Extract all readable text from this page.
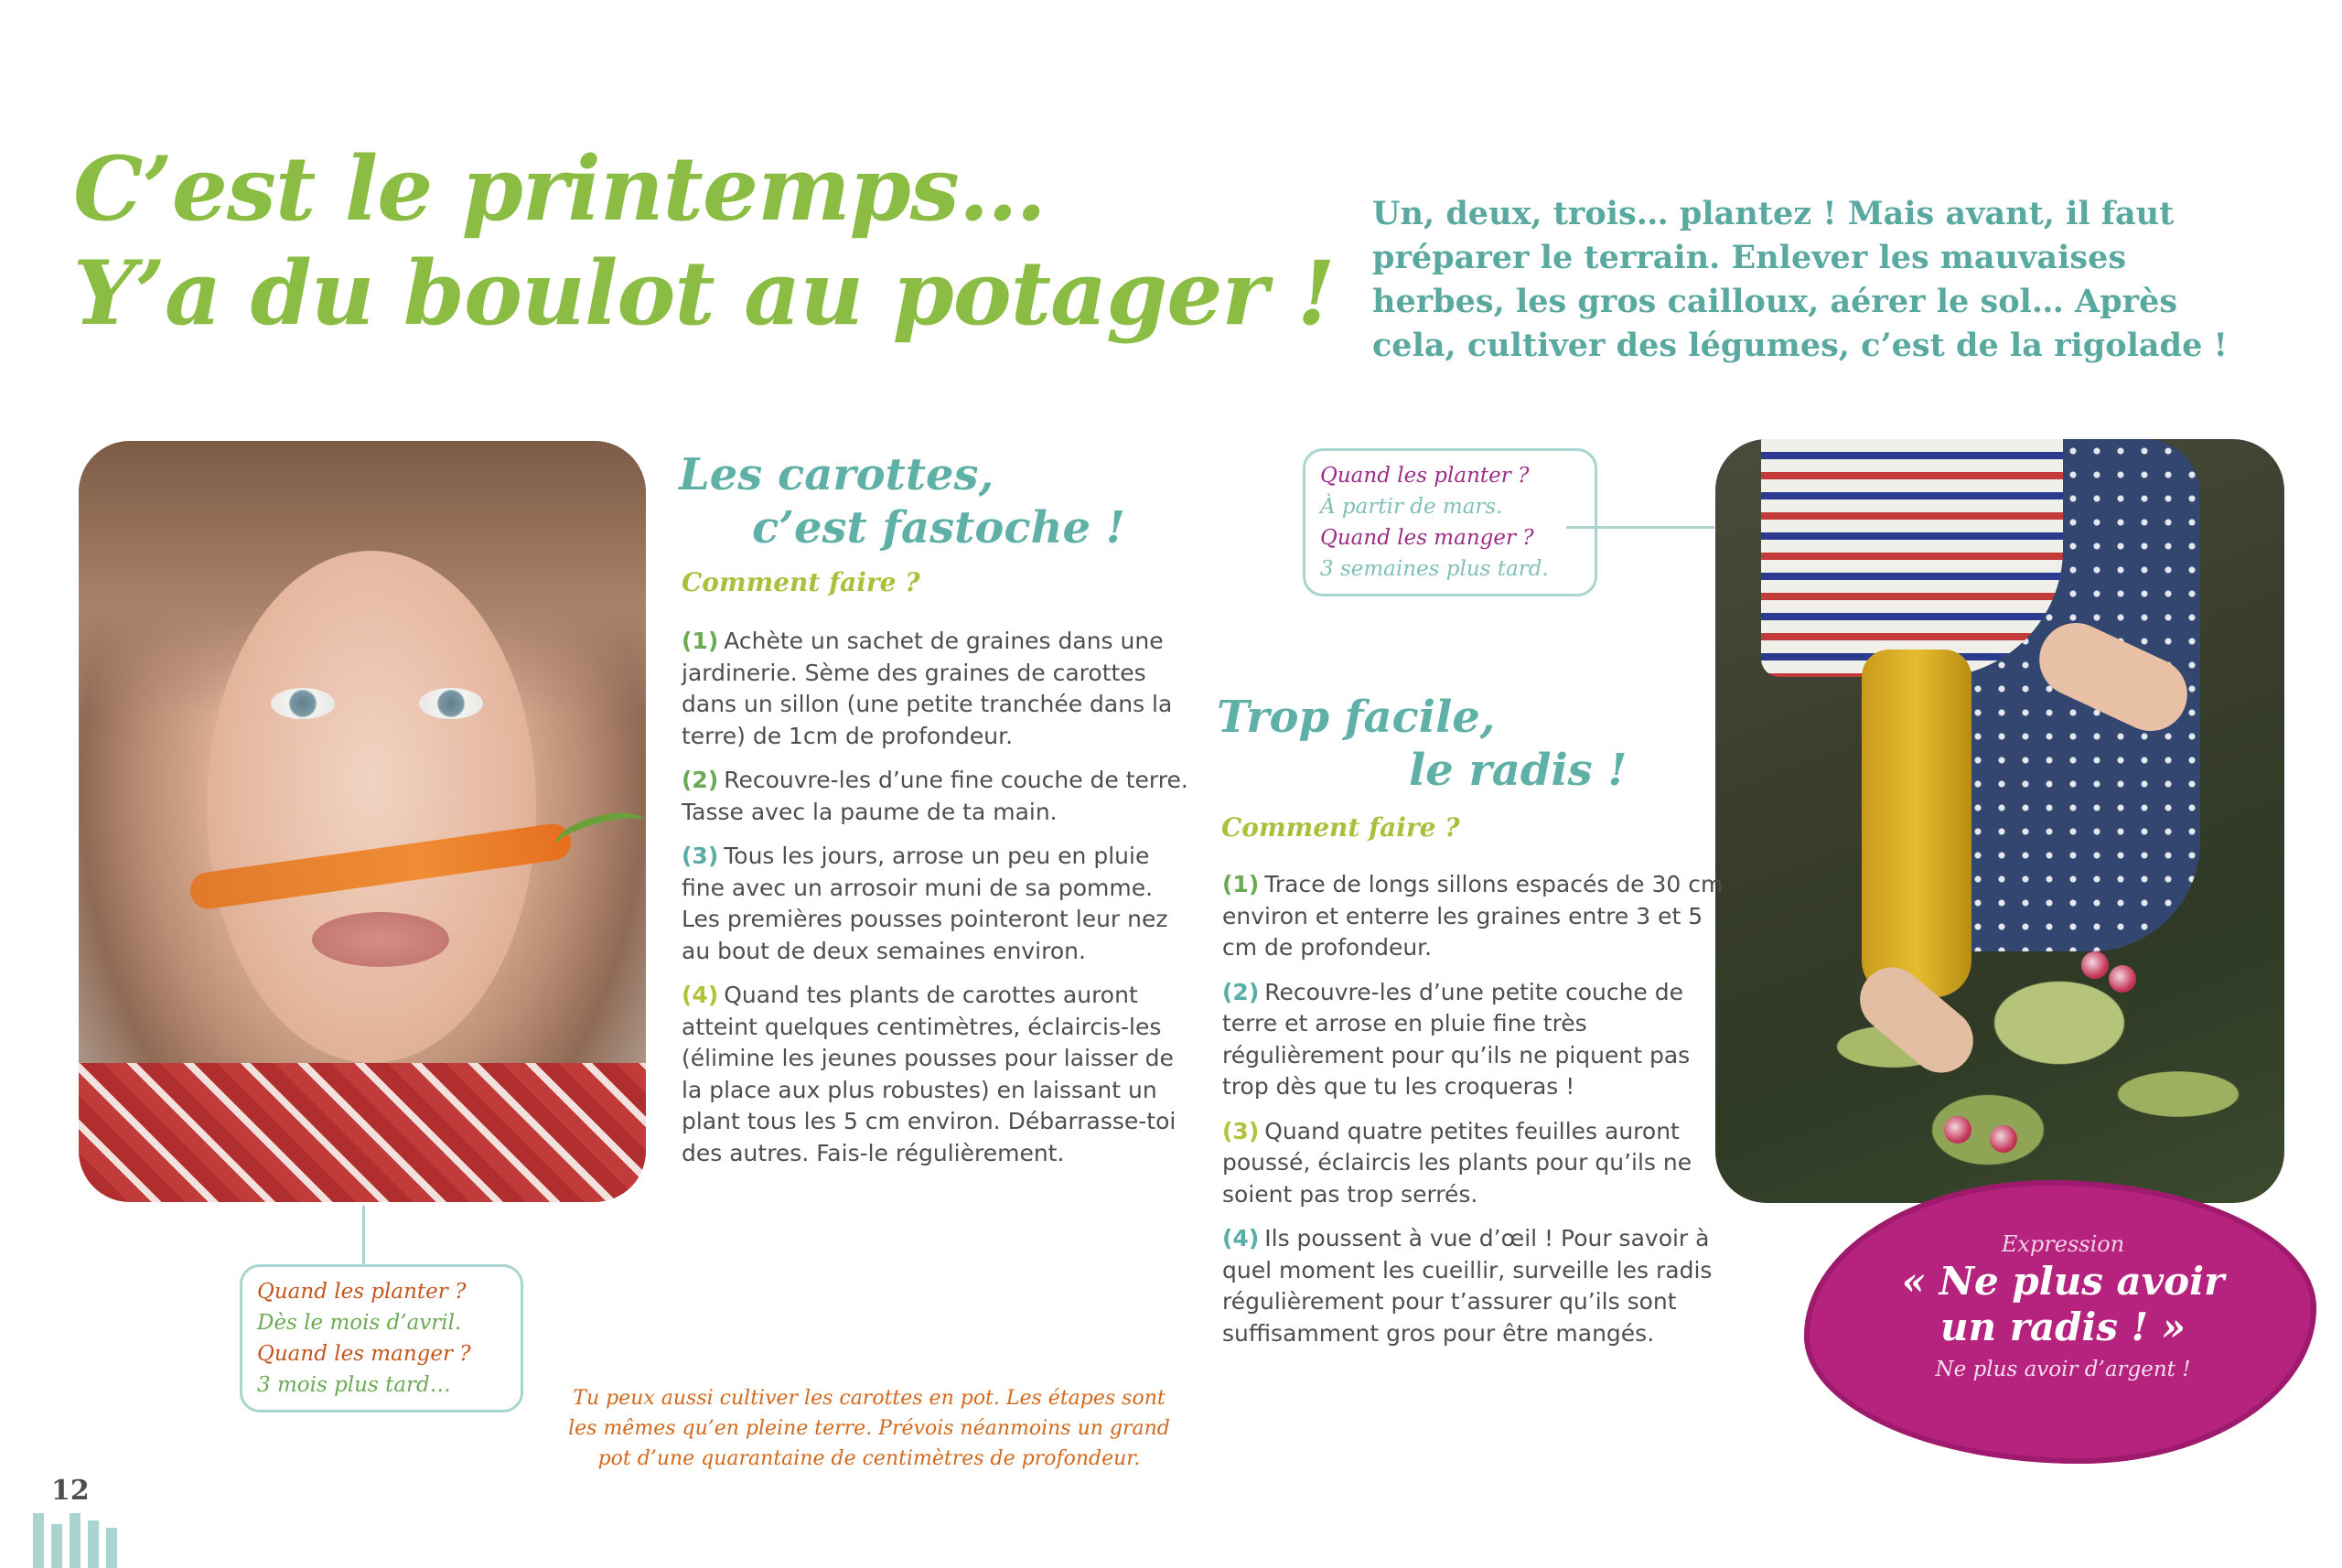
C’est le printemps…
Y’a du boulot au potager !
Un, deux, trois… plantez ! Mais avant, il faut préparer le terrain. Enlever les mauvaises herbes, les gros cailloux, aérer le sol… Après cela, cultiver des légumes, c’est de la rigolade !
Les carottes,
c’est fastoche !
Comment faire ?

(1) Achète un sachet de graines dans une jardinerie. Sème des graines de carottes dans un sillon (une petite tranchée dans la terre) de 1cm de profondeur.

(2) Recouvre-les d’une fine couche de terre. Tasse avec la paume de ta main.

(3) Tous les jours, arrose un peu en pluie fine avec un arrosoir muni de sa pomme. Les premières pousses pointeront leur nez au bout de deux semaines environ.

(4) Quand tes plants de carottes auront atteint quelques centimètres, éclaircis-les (élimine les jeunes pousses pour laisser de la place aux plus robustes) en laissant un plant tous les 5 cm environ. Débarrasse-toi des autres. Fais-le régulièrement.

Quand les planter ?
Dès le mois d’avril.
Quand les manger ?
3 mois plus tard…
Tu peux aussi cultiver les carottes en pot. Les étapes sont les mêmes qu’en pleine terre. Prévois néanmoins un grand pot d’une quarantaine de centimètres de profondeur.
Quand les planter ?
À partir de mars.
Quand les manger ?
3 semaines plus tard.
Trop facile,
le radis !
Comment faire ?

(1) Trace de longs sillons espacés de 30 cm environ et enterre les graines entre 3 et 5 cm de profondeur.

(2) Recouvre-les d’une petite couche de terre et arrose en pluie fine très régulièrement pour qu’ils ne piquent pas trop dès que tu les croqueras !

(3) Quand quatre petites feuilles auront poussé, éclaircis les plants pour qu’ils ne soient pas trop serrés.

(4) Ils poussent à vue d’œil ! Pour savoir à quel moment les cueillir, surveille les radis régulièrement pour t’assurer qu’ils sont suffisamment gros pour être mangés.

Expression
« Ne plus avoir
un radis ! »
Ne plus avoir d’argent !
12
